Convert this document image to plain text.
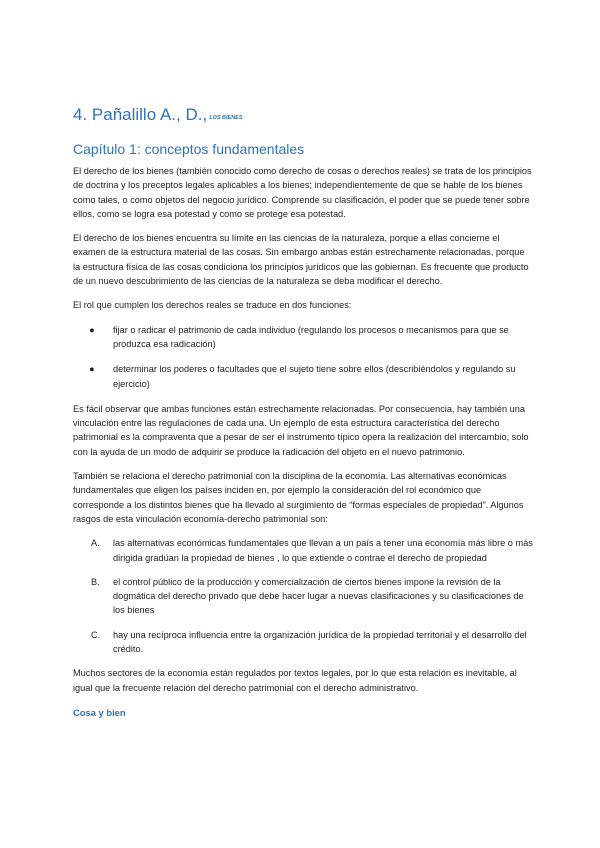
4. Pañalillo A., D., LOS BIENES
Capítulo 1: conceptos fundamentales

El derecho de los bienes (también conocido como derecho de cosas o derechos reales) se trata de los principios de doctrina y los preceptos legales aplicables a los bienes; independientemente de que se hable de los bienes como tales, o como objetos del negocio jurídico. Comprende su clasificación, el poder que se puede tener sobre ellos, como se logra esa potestad y como se protege esa potestad.

El derecho de los bienes encuentra su límite en las ciencias de la naturaleza, porque a ellas concierne el examen de la estructura material de las cosas. Sin embargo ambas están estrechamente relacionadas, porque la estructura física de las cosas condiciona los principios jurídicos que las gobiernan. Es frecuente que producto de un nuevo descubrimiento de las ciencias de la naturaleza se deba modificar el derecho.

El rol que cumplen los derechos reales se traduce en dos funciones:

● fijar o radicar el patrimonio de cada individuo (regulando los procesos o mecanismos para que se produzca esa radicación)
● determinar los poderes o facultades que el sujeto tiene sobre ellos (describiéndolos y regulando su ejercicio)

Es fácil observar que ambas funciones están estrechamente relacionadas. Por consecuencia, hay también una vinculación entre las regulaciones de cada una. Un ejemplo de esta estructura característica del derecho patrimonial es la compraventa que a pesar de ser el instrumento típico opera la realización del intercambio, solo con la ayuda de un modo de adquirir se produce la radicación del objeto en el nuevo patrimonio.

También se relaciona el derecho patrimonial con la disciplina de la economía. Las alternativas económicas fundamentales que eligen los países inciden en, por ejemplo la consideración del rol económico que corresponde a los distintos bienes que ha llevado al surgimiento de “formas especiales de propiedad”. Algunos rasgos de esta vinculación economía-derecho patrimonial son:

A. las alternativas económicas fundamentales que llevan a un país a tener una economía más libre o más dirigida gradúan la propiedad de bienes , lo que extiende o contrae el derecho de propiedad
B. el control público de la producción y comercialización de ciertos bienes impone la revisión de la dogmática del derecho privado que debe hacer lugar a nuevas clasificaciones y su clasificaciones de los bienes
C. hay una recíproca influencia entre la organización jurídica de la propiedad territorial y el desarrollo del crédito.

Muchos sectores de la economía están regulados por textos legales, por lo que esta relación es inevitable, al igual que la frecuente relación del derecho patrimonial con el derecho administrativo.

Cosa y bien
